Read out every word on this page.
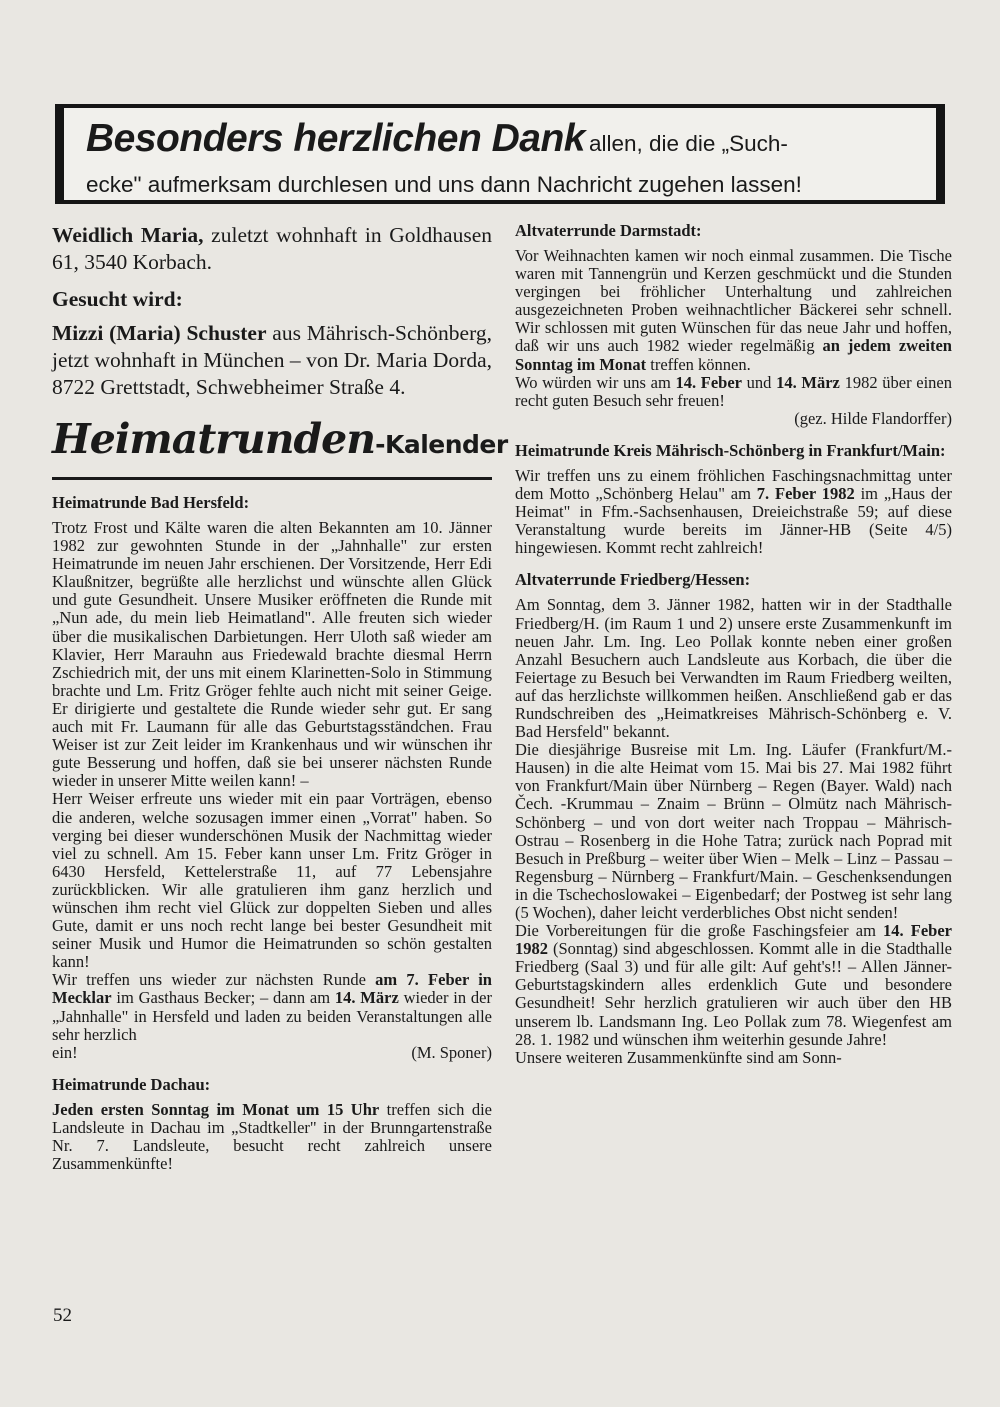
Besonders herzlichen Dank allen, die die „Such-
ecke" aufmerksam durchlesen und uns dann Nachricht zugehen lassen!

Weidlich Maria, zuletzt wohnhaft in Goldhausen 61, 3540 Korbach.

Gesucht wird:

Mizzi (Maria) Schuster aus Mährisch-Schönberg, jetzt wohnhaft in München – von Dr. Maria Dorda, 8722 Grettstadt, Schwebheimer Straße 4.

Heimatrunden-Kalender
Heimatrunde Bad Hersfeld:

Trotz Frost und Kälte waren die alten Bekannten am 10. Jänner 1982 zur gewohnten Stunde in der „Jahnhalle" zur ersten Heimatrunde im neuen Jahr erschienen. Der Vorsitzende, Herr Edi Klaußnitzer, begrüßte alle herzlichst und wünschte allen Glück und gute Gesundheit. Unsere Musiker eröffneten die Runde mit „Nun ade, du mein lieb Heimatland". Alle freuten sich wieder über die musikalischen Darbietungen. Herr Uloth saß wieder am Klavier, Herr Marauhn aus Friedewald brachte diesmal Herrn Zschiedrich mit, der uns mit einem Klarinetten-Solo in Stimmung brachte und Lm. Fritz Gröger fehlte auch nicht mit seiner Geige. Er dirigierte und gestaltete die Runde wieder sehr gut. Er sang auch mit Fr. Laumann für alle das Geburtstagsständchen. Frau Weiser ist zur Zeit leider im Krankenhaus und wir wünschen ihr gute Besserung und hoffen, daß sie bei unserer nächsten Runde wieder in unserer Mitte weilen kann! –

Herr Weiser erfreute uns wieder mit ein paar Vorträgen, ebenso die anderen, welche sozusagen immer einen „Vorrat" haben. So verging bei dieser wunderschönen Musik der Nachmittag wieder viel zu schnell. Am 15. Feber kann unser Lm. Fritz Gröger in 6430 Hersfeld, Kettelerstraße 11, auf 77 Lebensjahre zurückblicken. Wir alle gratulieren ihm ganz herzlich und wünschen ihm recht viel Glück zur doppelten Sieben und alles Gute, damit er uns noch recht lange bei bester Gesundheit mit seiner Musik und Humor die Heimatrunden so schön gestalten kann!

Wir treffen uns wieder zur nächsten Runde am 7. Feber in Mecklar im Gasthaus Becker; – dann am 14. März wieder in der „Jahnhalle" in Hersfeld und laden zu beiden Veranstaltungen alle sehr herzlich

ein!	(M. Sponer)
Heimatrunde Dachau:

Jeden ersten Sonntag im Monat um 15 Uhr treffen sich die Landsleute in Dachau im „Stadtkeller" in der Brunngartenstraße Nr. 7. Landsleute, besucht recht zahlreich unsere Zusammenkünfte!

Altvaterrunde Darmstadt:

Vor Weihnachten kamen wir noch einmal zusammen. Die Tische waren mit Tannengrün und Kerzen geschmückt und die Stunden vergingen bei fröhlicher Unterhaltung und zahlreichen ausgezeichneten Proben weihnachtlicher Bäckerei sehr schnell. Wir schlossen mit guten Wünschen für das neue Jahr und hoffen, daß wir uns auch 1982 wieder regelmäßig an jedem zweiten Sonntag im Monat treffen können.

Wo würden wir uns am 14. Feber und 14. März 1982 über einen recht guten Besuch sehr freuen!

(gez. Hilde Flandorffer)
Heimatrunde Kreis Mährisch-Schönberg in Frankfurt/Main:

Wir treffen uns zu einem fröhlichen Faschingsnachmittag unter dem Motto „Schönberg Helau" am 7. Feber 1982 im „Haus der Heimat" in Ffm.-Sachsenhausen, Dreieichstraße 59; auf diese Veranstaltung wurde bereits im Jänner-HB (Seite 4/5) hingewiesen. Kommt recht zahlreich!

Altvaterrunde Friedberg/Hessen:

Am Sonntag, dem 3. Jänner 1982, hatten wir in der Stadthalle Friedberg/H. (im Raum 1 und 2) unsere erste Zusammenkunft im neuen Jahr. Lm. Ing. Leo Pollak konnte neben einer großen Anzahl Besuchern auch Landsleute aus Korbach, die über die Feiertage zu Besuch bei Verwandten im Raum Friedberg weilten, auf das herzlichste willkommen heißen. Anschließend gab er das Rundschreiben des „Heimatkreises Mährisch-Schönberg e. V. Bad Hersfeld" bekannt.

Die diesjährige Busreise mit Lm. Ing. Läufer (Frankfurt/M.-Hausen) in die alte Heimat vom 15. Mai bis 27. Mai 1982 führt von Frankfurt/Main über Nürnberg – Regen (Bayer. Wald) nach Čech. -Krummau – Znaim – Brünn – Olmütz nach Mährisch-Schönberg – und von dort weiter nach Troppau – Mährisch-Ostrau – Rosenberg in die Hohe Tatra; zurück nach Poprad mit Besuch in Preßburg – weiter über Wien – Melk – Linz – Passau – Regensburg – Nürnberg – Frankfurt/Main. – Geschenksendungen in die Tschechoslowakei – Eigenbedarf; der Postweg ist sehr lang (5 Wochen), daher leicht verderbliches Obst nicht senden!

Die Vorbereitungen für die große Faschingsfeier am 14. Feber 1982 (Sonntag) sind abgeschlossen. Kommt alle in die Stadthalle Friedberg (Saal 3) und für alle gilt: Auf geht's!! – Allen Jänner-Geburtstagskindern alles erdenklich Gute und besondere Gesundheit! Sehr herzlich gratulieren wir auch über den HB unserem lb. Landsmann Ing. Leo Pollak zum 78. Wiegenfest am 28. 1. 1982 und wünschen ihm weiterhin gesunde Jahre!

Unsere weiteren Zusammenkünfte sind am Sonn-

52
